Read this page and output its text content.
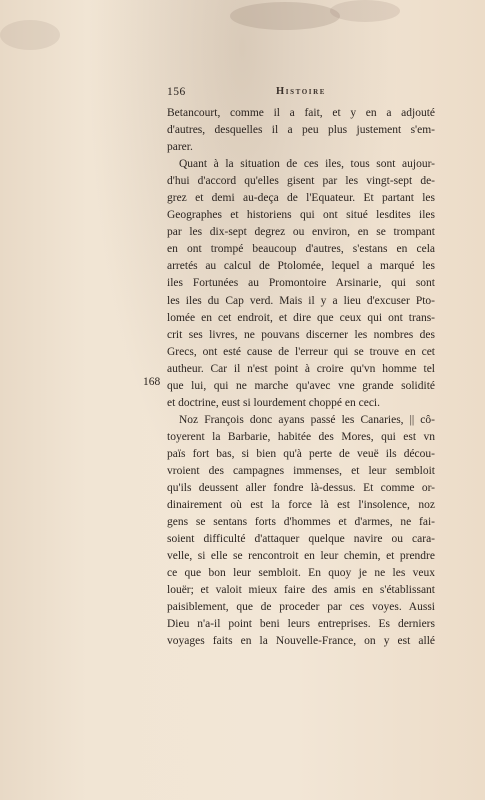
156	Histoire
168
Betancourt, comme il a fait, et y en a adjouté
d'autres, desquelles il a peu plus justement s'em-
parer.
Quant à la situation de ces iles, tous sont aujour-
d'hui d'accord qu'elles gisent par les vingt-sept de-
grez et demi au-deça de l'Equateur. Et partant les
Geographes et historiens qui ont situé lesdites iles
par les dix-sept degrez ou environ, en se trompant
en ont trompé beaucoup d'autres, s'estans en cela
arretés au calcul de Ptolomée, lequel a marqué les
iles Fortunées au Promontoire Arsinarie, qui sont
les iles du Cap verd. Mais il y a lieu d'excuser Pto-
lomée en cet endroit, et dire que ceux qui ont trans-
crit ses livres, ne pouvans discerner les nombres des
Grecs, ont esté cause de l'erreur qui se trouve en cet
autheur. Car il n'est point à croire qu'vn homme tel
que lui, qui ne marche qu'avec vne grande solidité
et doctrine, eust si lourdement choppé en ceci.
Noz François donc ayans passé les Canaries, || cô-
toyerent la Barbarie, habitée des Mores, qui est vn
païs fort bas, si bien qu'à perte de veuë ils décou-
vroient des campagnes immenses, et leur sembloit
qu'ils deussent aller fondre là-dessus. Et comme or-
dinairement où est la force là est l'insolence, noz
gens se sentans forts d'hommes et d'armes, ne fai-
soient difficulté d'attaquer quelque navire ou cara-
velle, si elle se rencontroit en leur chemin, et prendre
ce que bon leur sembloit. En quoy je ne les veux
louër; et valoit mieux faire des amis en s'établissant
paisiblement, que de proceder par ces voyes. Aussi
Dieu n'a-il point beni leurs entreprises. Es derniers
voyages faits en la Nouvelle-France, on y est allé
